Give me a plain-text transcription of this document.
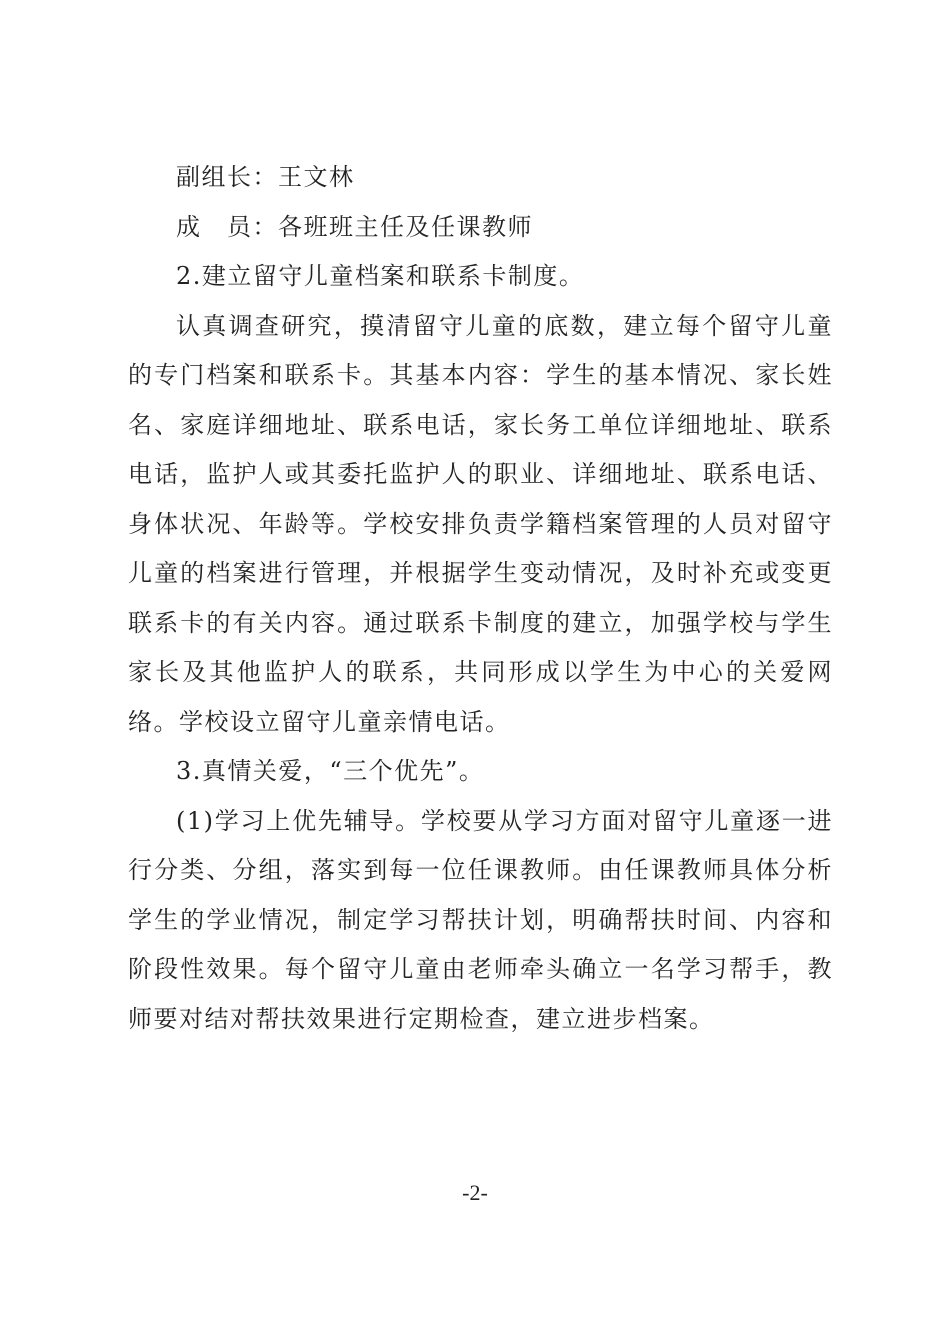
副组长：王文林

成　员：各班班主任及任课教师

2.建立留守儿童档案和联系卡制度。

认真调查研究，摸清留守儿童的底数，建立每个留守儿童的专门档案和联系卡。其基本内容：学生的基本情况、家长姓名、家庭详细地址、联系电话，家长务工单位详细地址、联系电话，监护人或其委托监护人的职业、详细地址、联系电话、身体状况、年龄等。学校安排负责学籍档案管理的人员对留守儿童的档案进行管理，并根据学生变动情况，及时补充或变更联系卡的有关内容。通过联系卡制度的建立，加强学校与学生家长及其他监护人的联系，共同形成以学生为中心的关爱网络。学校设立留守儿童亲情电话。

3.真情关爱，“三个优先”。

(1)学习上优先辅导。学校要从学习方面对留守儿童逐一进行分类、分组，落实到每一位任课教师。由任课教师具体分析学生的学业情况，制定学习帮扶计划，明确帮扶时间、内容和阶段性效果。每个留守儿童由老师牵头确立一名学习帮手，教师要对结对帮扶效果进行定期检查，建立进步档案。

-2-
